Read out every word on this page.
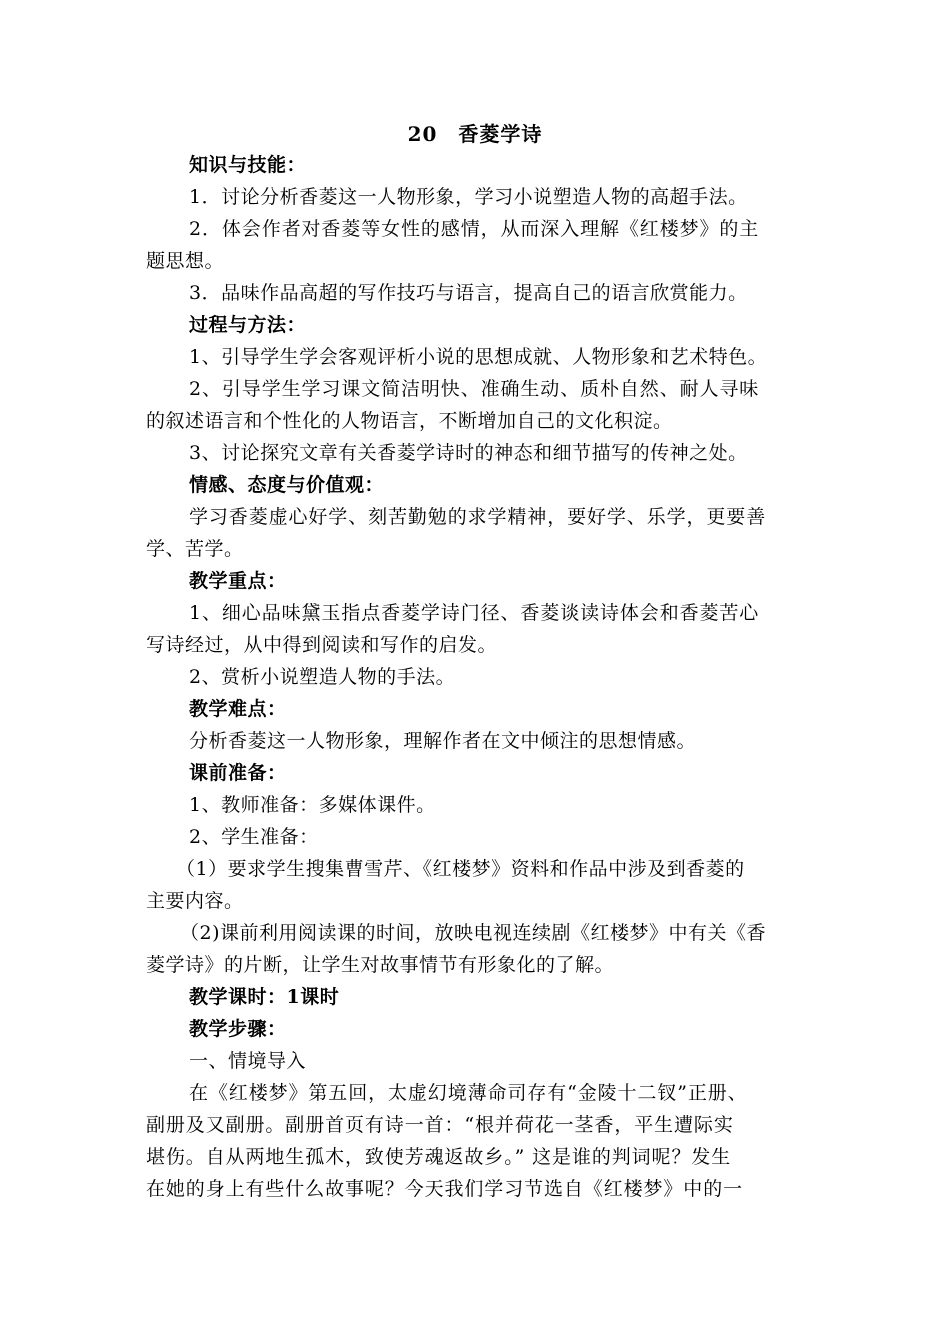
20　香菱学诗
知识与技能：
1．讨论分析香菱这一人物形象，学习小说塑造人物的高超手法。
2．体会作者对香菱等女性的感情，从而深入理解《红楼梦》的主
题思想。
3．品味作品高超的写作技巧与语言，提高自己的语言欣赏能力。
过程与方法：
1、引导学生学会客观评析小说的思想成就、人物形象和艺术特色。
2、引导学生学习课文简洁明快、准确生动、质朴自然、耐人寻味
的叙述语言和个性化的人物语言，不断增加自己的文化积淀。
3、讨论探究文章有关香菱学诗时的神态和细节描写的传神之处。
情感、态度与价值观：
学习香菱虚心好学、刻苦勤勉的求学精神，要好学、乐学，更要善
学、苦学。
教学重点：
1、细心品味黛玉指点香菱学诗门径、香菱谈读诗体会和香菱苦心
写诗经过，从中得到阅读和写作的启发。
2、赏析小说塑造人物的手法。
教学难点：
分析香菱这一人物形象，理解作者在文中倾注的思想情感。
课前准备：
1、教师准备：多媒体课件。
2、学生准备：
（1）要求学生搜集曹雪芹、《红楼梦》资料和作品中涉及到香菱的
主要内容。
（2)课前利用阅读课的时间，放映电视连续剧《红楼梦》中有关《香
菱学诗》的片断，让学生对故事情节有形象化的了解。
教学课时：1课时
教学步骤：
一、情境导入
在《红楼梦》第五回，太虚幻境薄命司存有“金陵十二钗”正册、
副册及又副册。副册首页有诗一首：“根并荷花一茎香，平生遭际实
堪伤。自从两地生孤木，致使芳魂返故乡。” 这是谁的判词呢？发生
在她的身上有些什么故事呢？今天我们学习节选自《红楼梦》中的一
